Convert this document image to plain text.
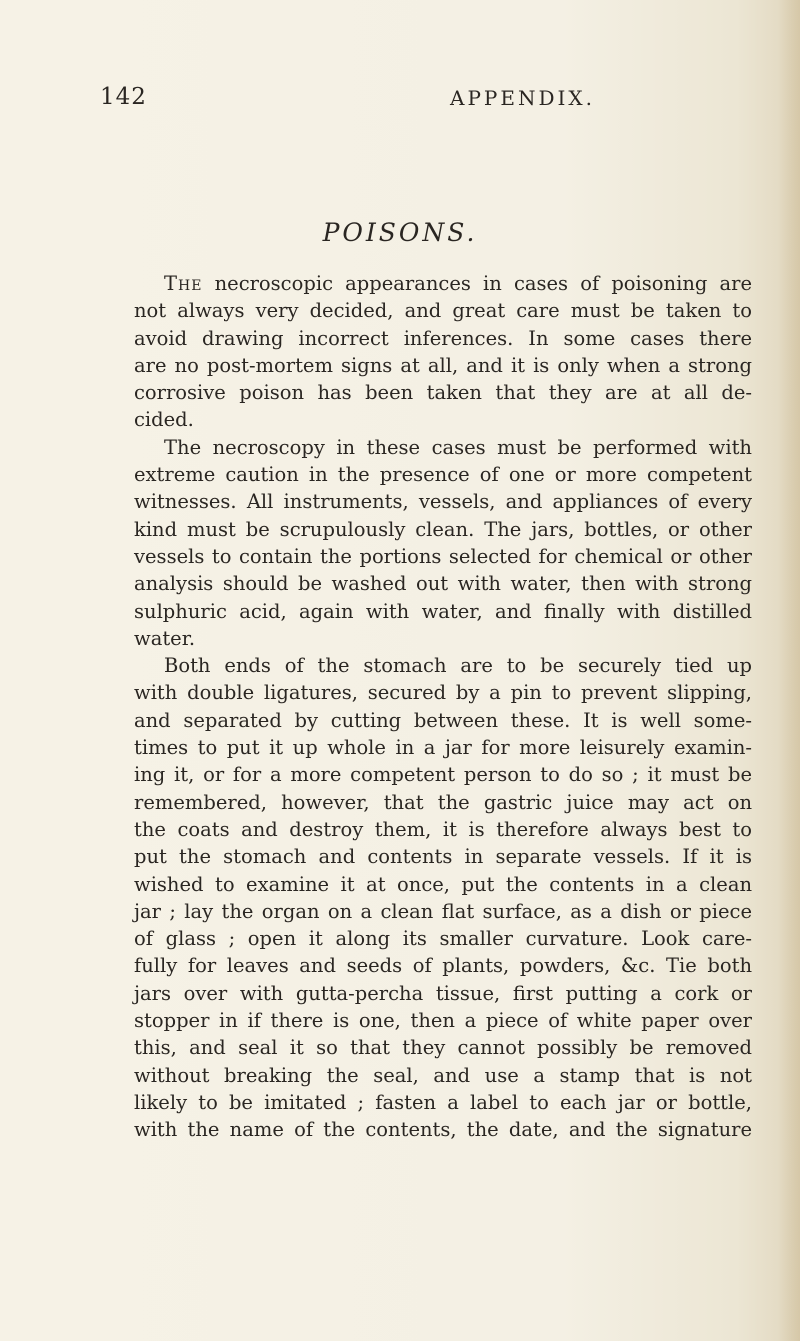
142	APPENDIX.
POISONS.
The necroscopic appearances in cases of poisoning are
not always very decided, and great care must be taken to
avoid drawing incorrect inferences. In some cases there
are no post-mortem signs at all, and it is only when a strong
corrosive poison has been taken that they are at all de-
cided.
The necroscopy in these cases must be performed with
extreme caution in the presence of one or more competent
witnesses. All instruments, vessels, and appliances of every
kind must be scrupulously clean. The jars, bottles, or other
vessels to contain the portions selected for chemical or other
analysis should be washed out with water, then with strong
sulphuric acid, again with water, and finally with distilled
water.
Both ends of the stomach are to be securely tied up
with double ligatures, secured by a pin to prevent slipping,
and separated by cutting between these. It is well some-
times to put it up whole in a jar for more leisurely examin-
ing it, or for a more competent person to do so ; it must be
remembered, however, that the gastric juice may act on
the coats and destroy them, it is therefore always best to
put the stomach and contents in separate vessels. If it is
wished to examine it at once, put the contents in a clean
jar ; lay the organ on a clean flat surface, as a dish or piece
of glass ; open it along its smaller curvature. Look care-
fully for leaves and seeds of plants, powders, &c. Tie both
jars over with gutta-percha tissue, first putting a cork or
stopper in if there is one, then a piece of white paper over
this, and seal it so that they cannot possibly be removed
without breaking the seal, and use a stamp that is not
likely to be imitated ; fasten a label to each jar or bottle,
with the name of the contents, the date, and the signature
